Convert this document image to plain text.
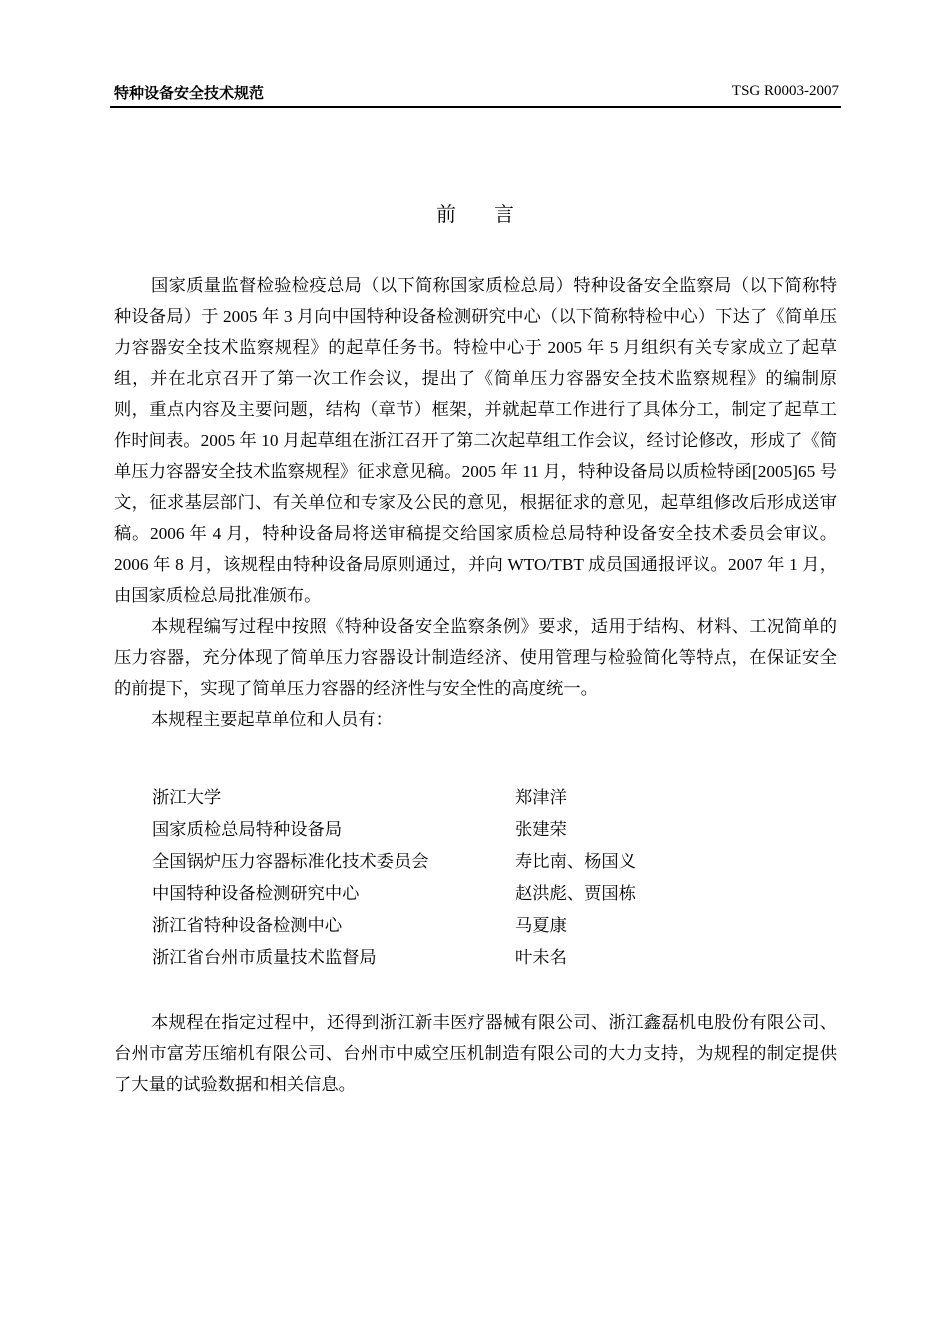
特种设备安全技术规范	TSG R0003-2007
前言

国家质量监督检验检疫总局（以下简称国家质检总局）特种设备安全监察局（以下简称特种设备局）于 2005 年 3 月向中国特种设备检测研究中心（以下简称特检中心）下达了《简单压力容器安全技术监察规程》的起草任务书。特检中心于 2005 年 5 月组织有关专家成立了起草组，并在北京召开了第一次工作会议，提出了《简单压力容器安全技术监察规程》的编制原则，重点内容及主要问题，结构（章节）框架，并就起草工作进行了具体分工，制定了起草工作时间表。2005 年 10 月起草组在浙江召开了第二次起草组工作会议，经讨论修改，形成了《简单压力容器安全技术监察规程》征求意见稿。2005 年 11 月，特种设备局以质检特函[2005]65 号文，征求基层部门、有关单位和专家及公民的意见，根据征求的意见，起草组修改后形成送审稿。2006 年 4 月，特种设备局将送审稿提交给国家质检总局特种设备安全技术委员会审议。2006 年 8 月，该规程由特种设备局原则通过，并向 WTO/TBT 成员国通报评议。2007 年 1 月，由国家质检总局批准颁布。

本规程编写过程中按照《特种设备安全监察条例》要求，适用于结构、材料、工况简单的压力容器，充分体现了简单压力容器设计制造经济、使用管理与检验简化等特点，在保证安全的前提下，实现了简单压力容器的经济性与安全性的高度统一。

本规程主要起草单位和人员有：

浙江大学	郑津洋
国家质检总局特种设备局	张建荣
全国锅炉压力容器标准化技术委员会	寿比南、杨国义
中国特种设备检测研究中心	赵洪彪、贾国栋
浙江省特种设备检测中心	马夏康
浙江省台州市质量技术监督局	叶未名

本规程在指定过程中，还得到浙江新丰医疗器械有限公司、浙江鑫磊机电股份有限公司、台州市富芳压缩机有限公司、台州市中威空压机制造有限公司的大力支持，为规程的制定提供了大量的试验数据和相关信息。
